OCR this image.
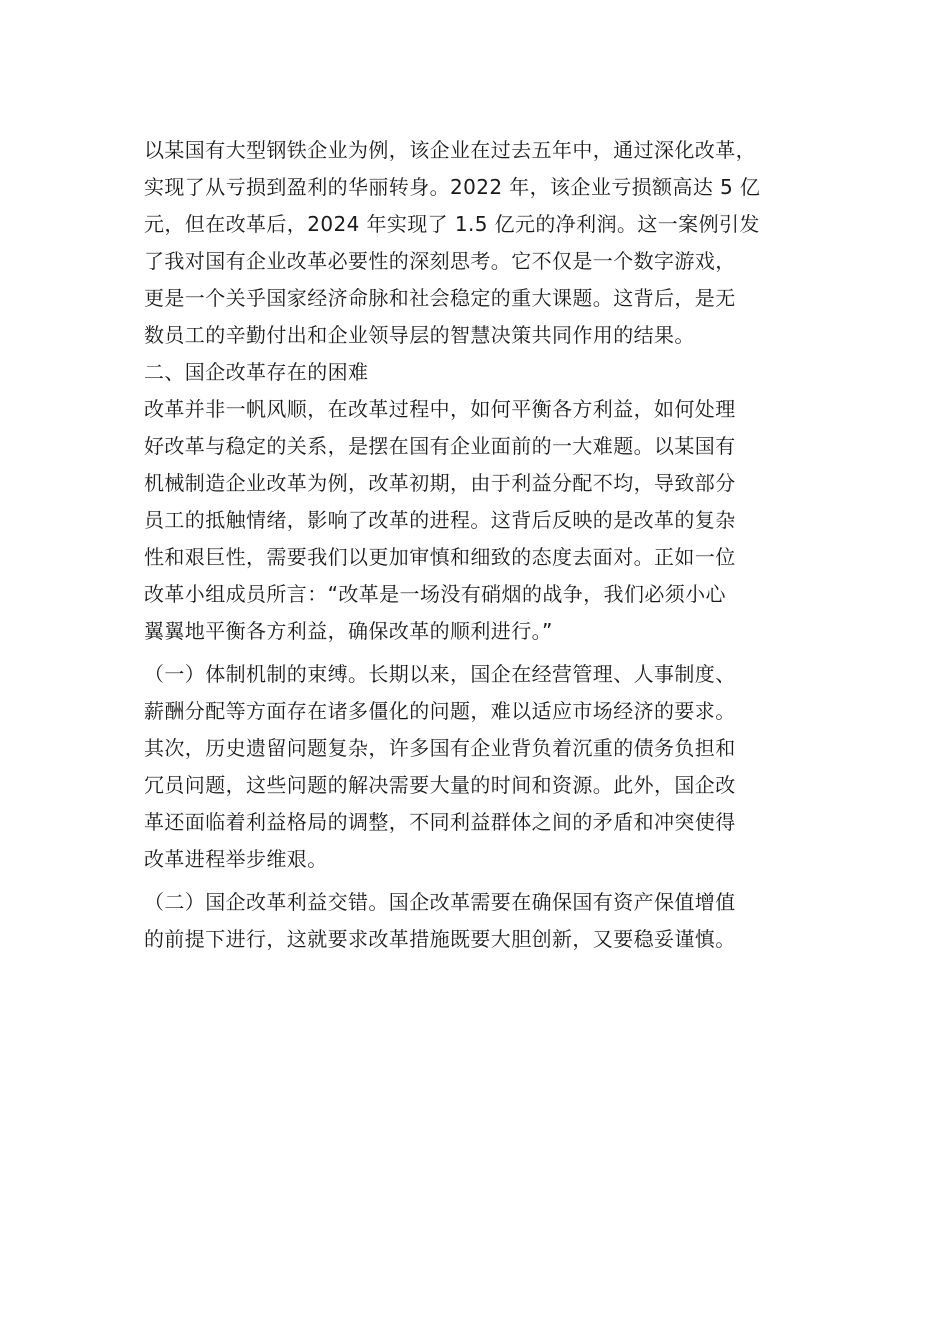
以某国有大型钢铁企业为例，该企业在过去五年中，通过深化改革，
实现了从亏损到盈利的华丽转身。2022 年，该企业亏损额高达 5 亿
元，但在改革后，2024 年实现了 1.5 亿元的净利润。这一案例引发
了我对国有企业改革必要性的深刻思考。它不仅是一个数字游戏，
更是一个关乎国家经济命脉和社会稳定的重大课题。这背后，是无
数员工的辛勤付出和企业领导层的智慧决策共同作用的结果。
二、国企改革存在的困难
改革并非一帆风顺，在改革过程中，如何平衡各方利益，如何处理
好改革与稳定的关系，是摆在国有企业面前的一大难题。以某国有
机械制造企业改革为例，改革初期，由于利益分配不均，导致部分
员工的抵触情绪，影响了改革的进程。这背后反映的是改革的复杂
性和艰巨性，需要我们以更加审慎和细致的态度去面对。正如一位
改革小组成员所言：“改革是一场没有硝烟的战争，我们必须小心
翼翼地平衡各方利益，确保改革的顺利进行。”
（一）体制机制的束缚。长期以来，国企在经营管理、人事制度、
薪酬分配等方面存在诸多僵化的问题，难以适应市场经济的要求。
其次，历史遗留问题复杂，许多国有企业背负着沉重的债务负担和
冗员问题，这些问题的解决需要大量的时间和资源。此外，国企改
革还面临着利益格局的调整，不同利益群体之间的矛盾和冲突使得
改革进程举步维艰。
（二）国企改革利益交错。国企改革需要在确保国有资产保值增值
的前提下进行，这就要求改革措施既要大胆创新，又要稳妥谨慎。
